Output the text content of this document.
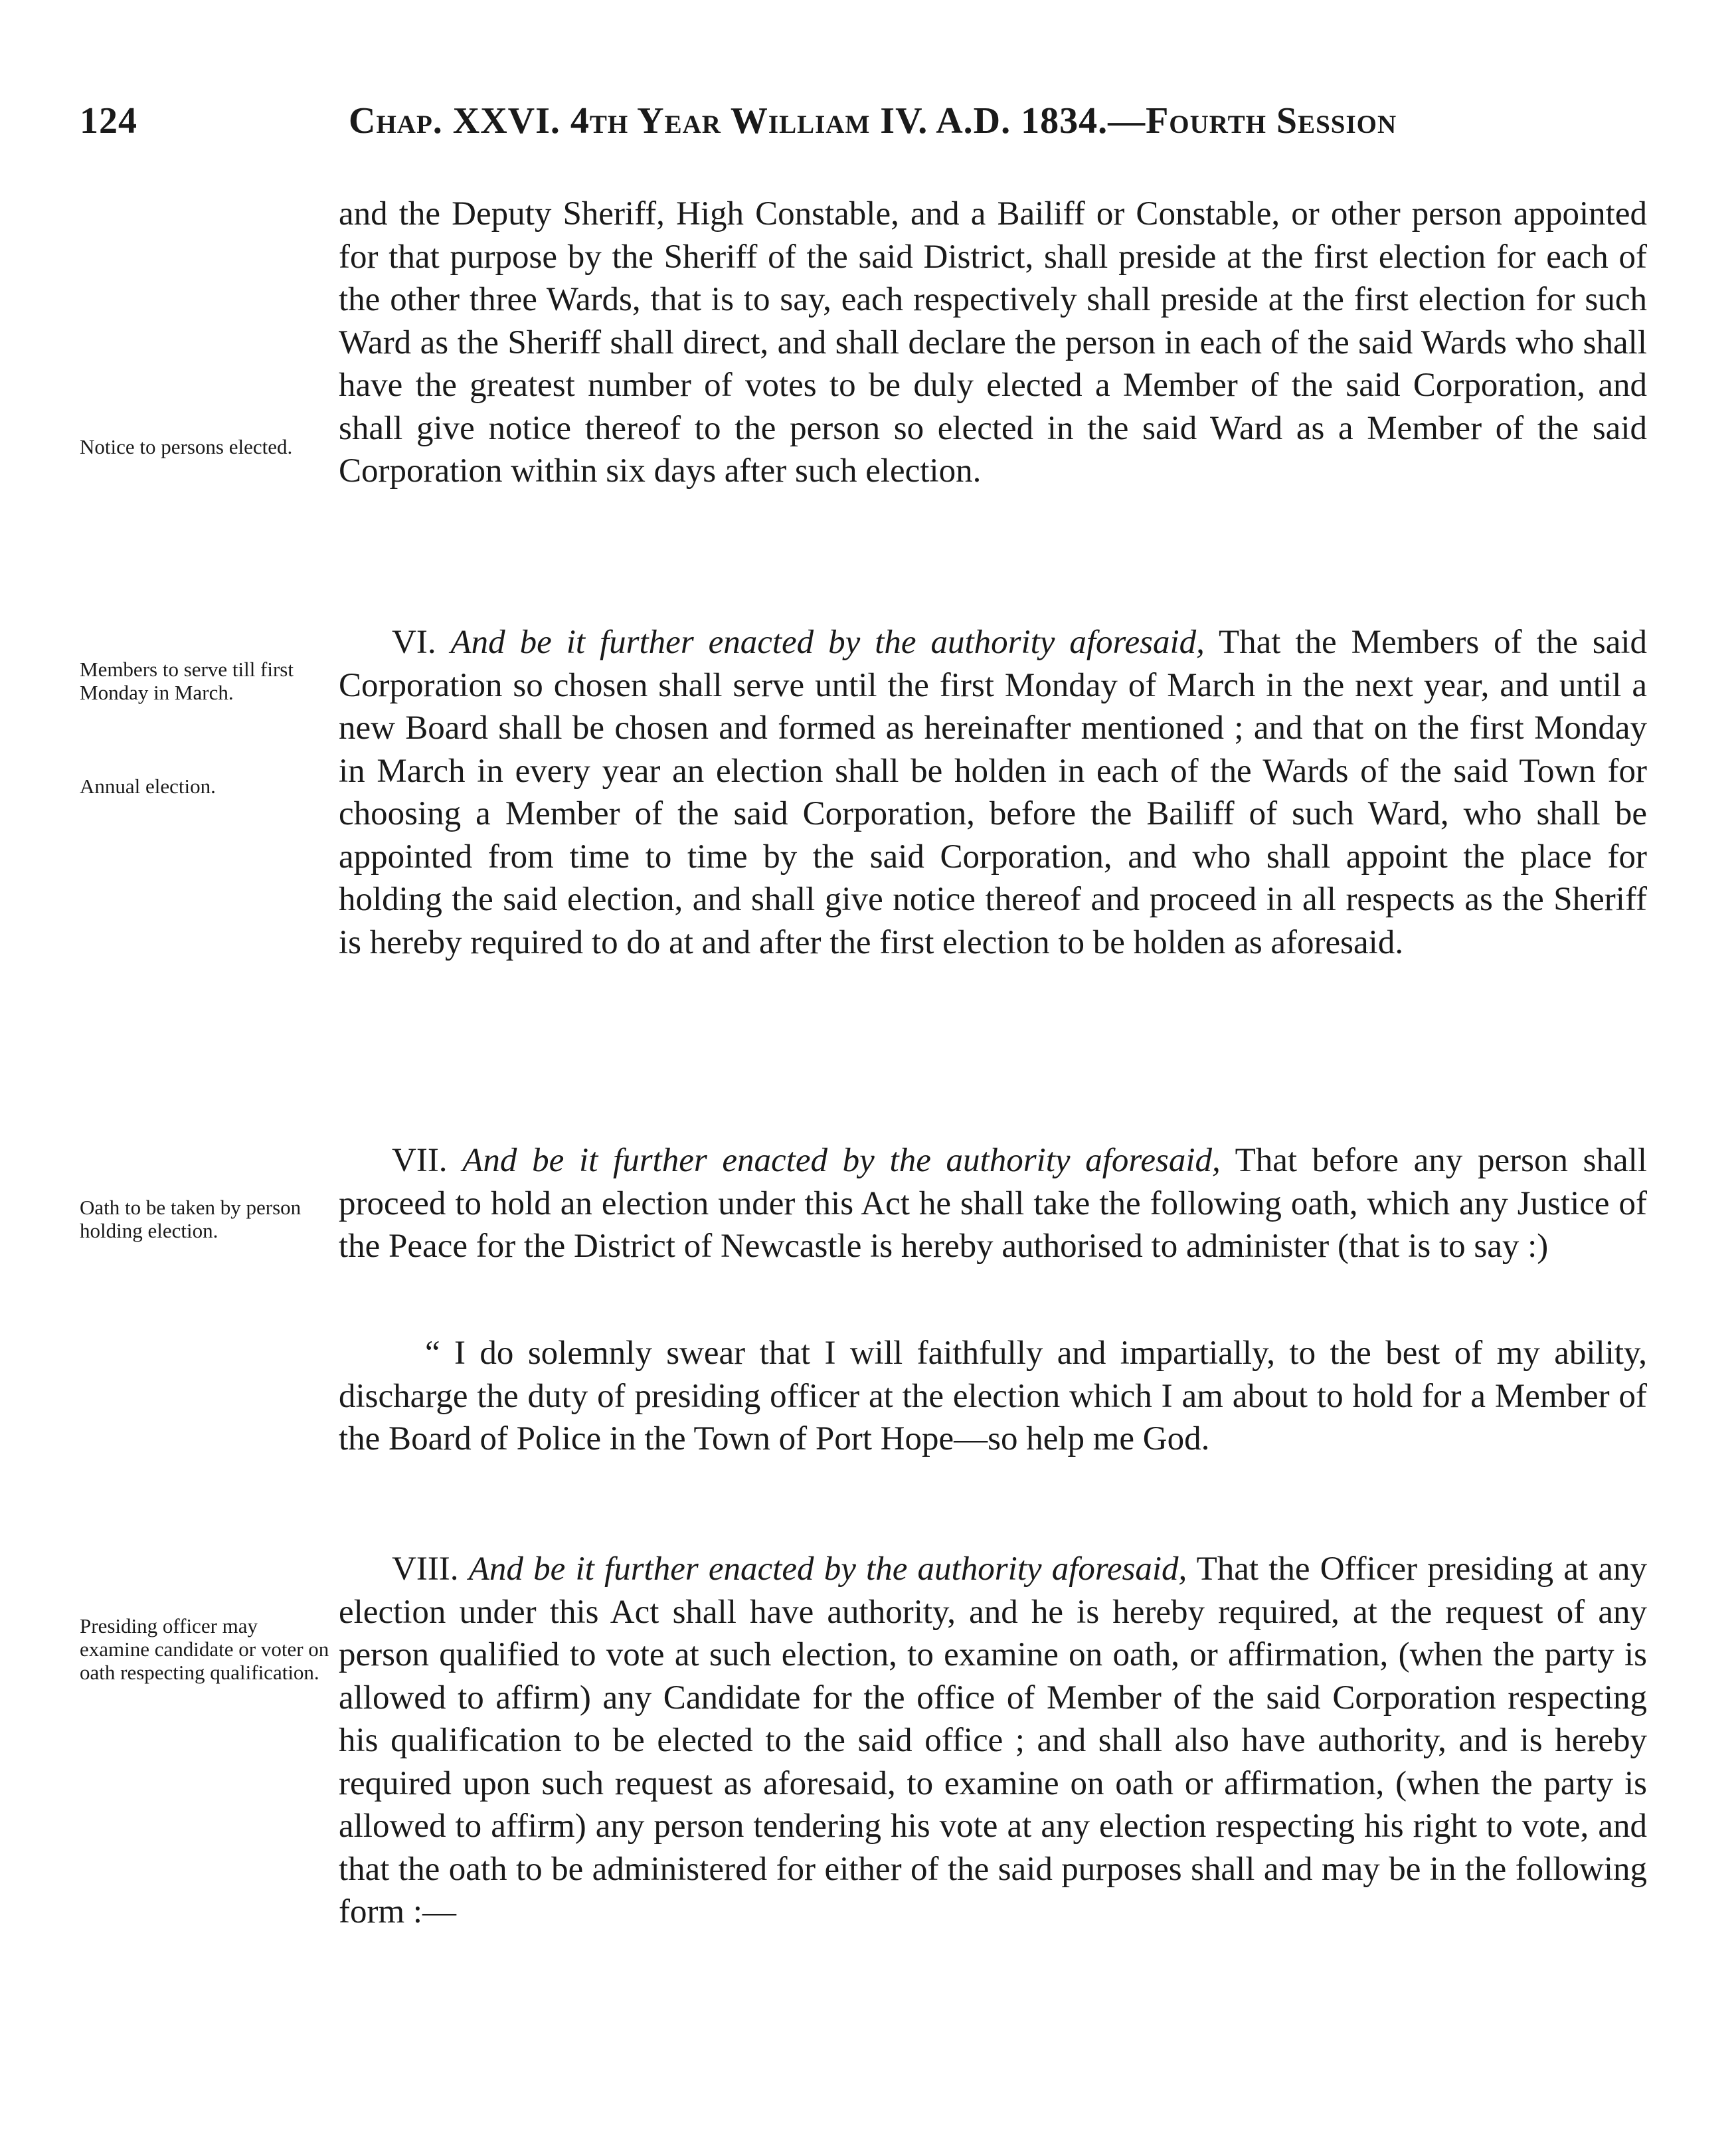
124	Chap. XXVI. 4th Year William IV. A.D. 1834.—Fourth Session
Notice to persons elected.
Members to serve till first Monday in March.
Annual election.
Oath to be taken by person holding election.
Presiding officer may examine candidate or voter on oath respecting qualification.

and the Deputy Sheriff, High Constable, and a Bailiff or Constable, or other person appointed for that purpose by the Sheriff of the said District, shall preside at the first election for each of the other three Wards, that is to say, each respectively shall preside at the first election for such Ward as the Sheriff shall direct, and shall declare the person in each of the said Wards who shall have the greatest number of votes to be duly elected a Member of the said Corporation, and shall give notice thereof to the person so elected in the said Ward as a Member of the said Corporation within six days after such election.

VI. And be it further enacted by the authority aforesaid, That the Members of the said Corporation so chosen shall serve until the first Monday of March in the next year, and until a new Board shall be chosen and formed as hereinafter mentioned ; and that on the first Monday in March in every year an election shall be holden in each of the Wards of the said Town for choosing a Member of the said Corporation, before the Bailiff of such Ward, who shall be appointed from time to time by the said Corporation, and who shall appoint the place for holding the said election, and shall give notice thereof and proceed in all respects as the Sheriff is hereby required to do at and after the first election to be holden as aforesaid.

VII. And be it further enacted by the authority aforesaid, That before any person shall proceed to hold an election under this Act he shall take the following oath, which any Justice of the Peace for the District of Newcastle is hereby authorised to administer (that is to say :)

“ I do solemnly swear that I will faithfully and impartially, to the best of my ability, discharge the duty of presiding officer at the election which I am about to hold for a Member of the Board of Police in the Town of Port Hope—so help me God.

VIII. And be it further enacted by the authority aforesaid, That the Officer presiding at any election under this Act shall have authority, and he is hereby required, at the request of any person qualified to vote at such election, to examine on oath, or affirmation, (when the party is allowed to affirm) any Candidate for the office of Member of the said Corporation respecting his qualification to be elected to the said office ; and shall also have authority, and is hereby required upon such request as aforesaid, to examine on oath or affirmation, (when the party is allowed to affirm) any person tendering his vote at any election respecting his right to vote, and that the oath to be administered for either of the said purposes shall and may be in the following form :—
